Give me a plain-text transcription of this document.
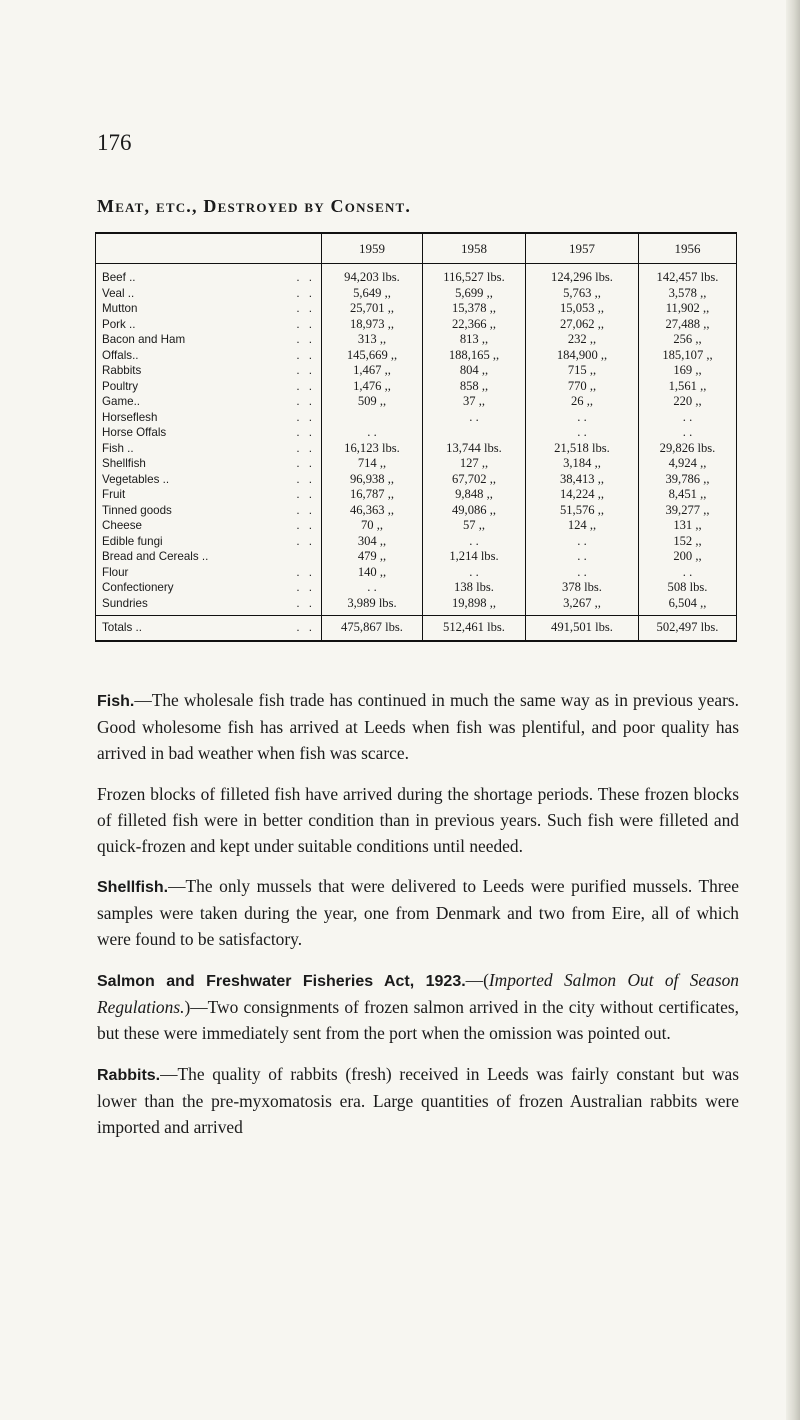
176
Meat, etc., Destroyed by Consent.
	1959	1958	1957	1956
Beef .. . .	94,203 lbs.	116,527 lbs.	124,296 lbs.	142,457 lbs.
Veal .. . .	5,649 ,,	5,699 ,,	5,763 ,,	3,578 ,,
Mutton . .	25,701 ,,	15,378 ,,	15,053 ,,	11,902 ,,
Pork .. . .	18,973 ,,	22,366 ,,	27,062 ,,	27,488 ,,
Bacon and Ham . .	313 ,,	813 ,,	232 ,,	256 ,,
Offals.. . .	145,669 ,,	188,165 ,,	184,900 ,,	185,107 ,,
Rabbits . .	1,467 ,,	804 ,,	715 ,,	169 ,,
Poultry . .	1,476 ,,	858 ,,	770 ,,	1,561 ,,
Game.. . .	509 ,,	37 ,,	26 ,,	220 ,,
Horseflesh . .		. .	. .	. .
Horse Offals . .	. .		. .	. .
Fish .. . .	16,123 lbs.	13,744 lbs.	21,518 lbs.	29,826 lbs.
Shellfish . .	714 ,,	127 ,,	3,184 ,,	4,924 ,,
Vegetables .. . .	96,938 ,,	67,702 ,,	38,413 ,,	39,786 ,,
Fruit . .	16,787 ,,	9,848 ,,	14,224 ,,	8,451 ,,
Tinned goods . .	46,363 ,,	49,086 ,,	51,576 ,,	39,277 ,,
Cheese . .	70 ,,	57 ,,	124 ,,	131 ,,
Edible fungi . .	304 ,,	. .	. .	152 ,,
Bread and Cereals ..	479 ,,	1,214 lbs.	. .	200 ,,
Flour . .	140 ,,	. .	. .	. .
Confectionery . .	. .	138 lbs.	378 lbs.	508 lbs.
Sundries . .	3,989 lbs.	19,898 ,,	3,267 ,,	6,504 ,,
Totals .. . .	475,867 lbs.	512,461 lbs.	491,501 lbs.	502,497 lbs.

Fish.—The wholesale fish trade has continued in much the same way as in previous years. Good wholesome fish has arrived at Leeds when fish was plentiful, and poor quality has arrived in bad weather when fish was scarce.

Frozen blocks of filleted fish have arrived during the shortage periods. These frozen blocks of filleted fish were in better condition than in previous years. Such fish were filleted and quick-frozen and kept under suitable conditions until needed.

Shellfish.—The only mussels that were delivered to Leeds were purified mussels. Three samples were taken during the year, one from Denmark and two from Eire, all of which were found to be satisfactory.

Salmon and Freshwater Fisheries Act, 1923.—(Imported Salmon Out of Season Regulations.)—Two consignments of frozen salmon arrived in the city without certificates, but these were immediately sent from the port when the omission was pointed out.

Rabbits.—The quality of rabbits (fresh) received in Leeds was fairly constant but was lower than the pre-myxomatosis era. Large quantities of frozen Australian rabbits were imported and arrived
